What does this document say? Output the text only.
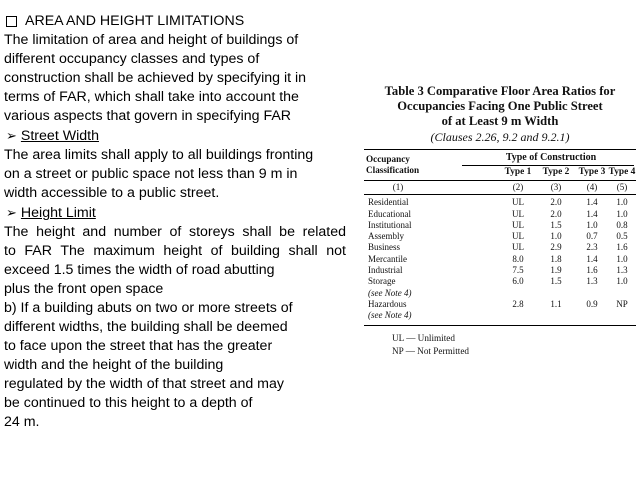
AREA AND HEIGHT LIMITATIONS
The limitation of area and height of buildings of
different occupancy classes and types of
construction shall be achieved by specifying it in
terms of FAR, which shall take into account the
various aspects that govern in specifying FAR
➢ Street Width
The area limits shall apply to all buildings fronting
on a street or public space not less than 9 m in
width accessible to a public street.
➢ Height Limit
The height and number of storeys shall be related
to FAR The maximum height of building shall not
exceed 1.5 times the width of road abutting
plus the front open space
b) If a building abuts on two or more streets of
different widths, the building shall be deemed
to face upon the street that has the greater
width and the height of the building
regulated by the width of that street and may
be continued to this height to a depth of
24 m.
Table 3 Comparative Floor Area Ratios for
Occupancies Facing One Public Street
of at Least 9 m Width
(Clauses 2.26, 9.2 and 9.2.1)
Occupancy
Classification
Type of Construction
Type 1	Type 2 Type 3 Type 4
(1)	(2)	(3)	(4)	(5)
Residential	UL	2.0	1.4	1.0
Educational	UL	2.0	1.4	1.0
Institutional	UL	1.5	1.0	0.8
Assembly	UL	1.0	0.7	0.5
Business	UL	2.9	2.3	1.6
Mercantile	8.0	1.8	1.4	1.0
Industrial	7.5	1.9	1.6	1.3
Storage	6.0	1.5	1.3	1.0
(see Note 4)
Hazardous	2.8	1.1	0.9	NP
(see Note 4)
UL — Unlimited
NP — Not Permitted
